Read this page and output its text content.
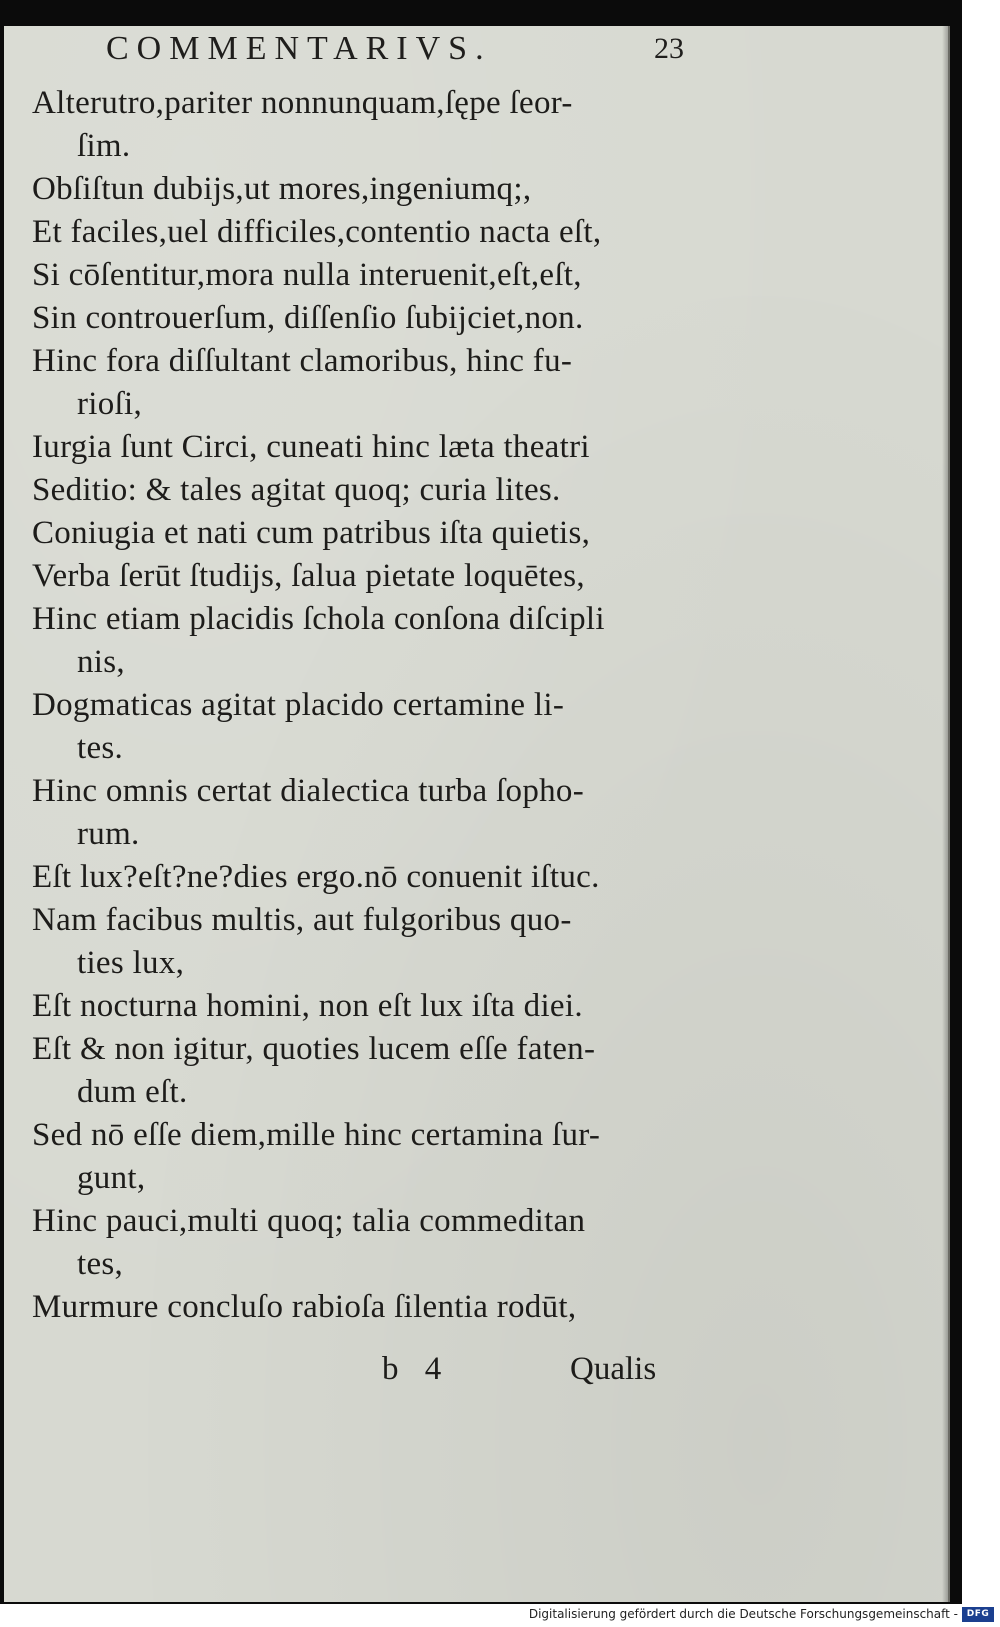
COMMENTARIVS.	23
Alterutro,pariter nonnunquam,ſępe ſeor-
ſim.
Obſiſtun dubijs,ut mores,ingeniumq;,
Et faciles,uel difficiles,contentio nacta eſt,
Si cōſentitur,mora nulla interuenit,eſt,eſt,
Sin controuerſum, diſſenſio ſubijciet,non.
Hinc fora diſſultant clamoribus, hinc fu-
rioſi,
Iurgia ſunt Circi, cuneati hinc læta theatri
Seditio: & tales agitat quoq; curia lites.
Coniugia et nati cum patribus iſta quietis,
Verba ſerūt ſtudijs, ſalua pietate loquētes,
Hinc etiam placidis ſchola conſona diſcipli
nis,
Dogmaticas agitat placido certamine li-
tes.
Hinc omnis certat dialectica turba ſopho-
rum.
Eſt lux?eſt?ne?dies ergo.nō conuenit iſtuc.
Nam facibus multis, aut fulgoribus quo-
ties lux,
Eſt nocturna homini, non eſt lux iſta diei.
Eſt & non igitur, quoties lucem eſſe faten-
dum eſt.
Sed nō eſſe diem,mille hinc certamina ſur-
gunt,
Hinc pauci,multi quoq; talia commeditan
tes,
Murmure concluſo rabioſa ſilentia rodūt,
b 4	Qualis
Digitalisierung gefördert durch die Deutsche Forschungsgemeinschaft - DFG
